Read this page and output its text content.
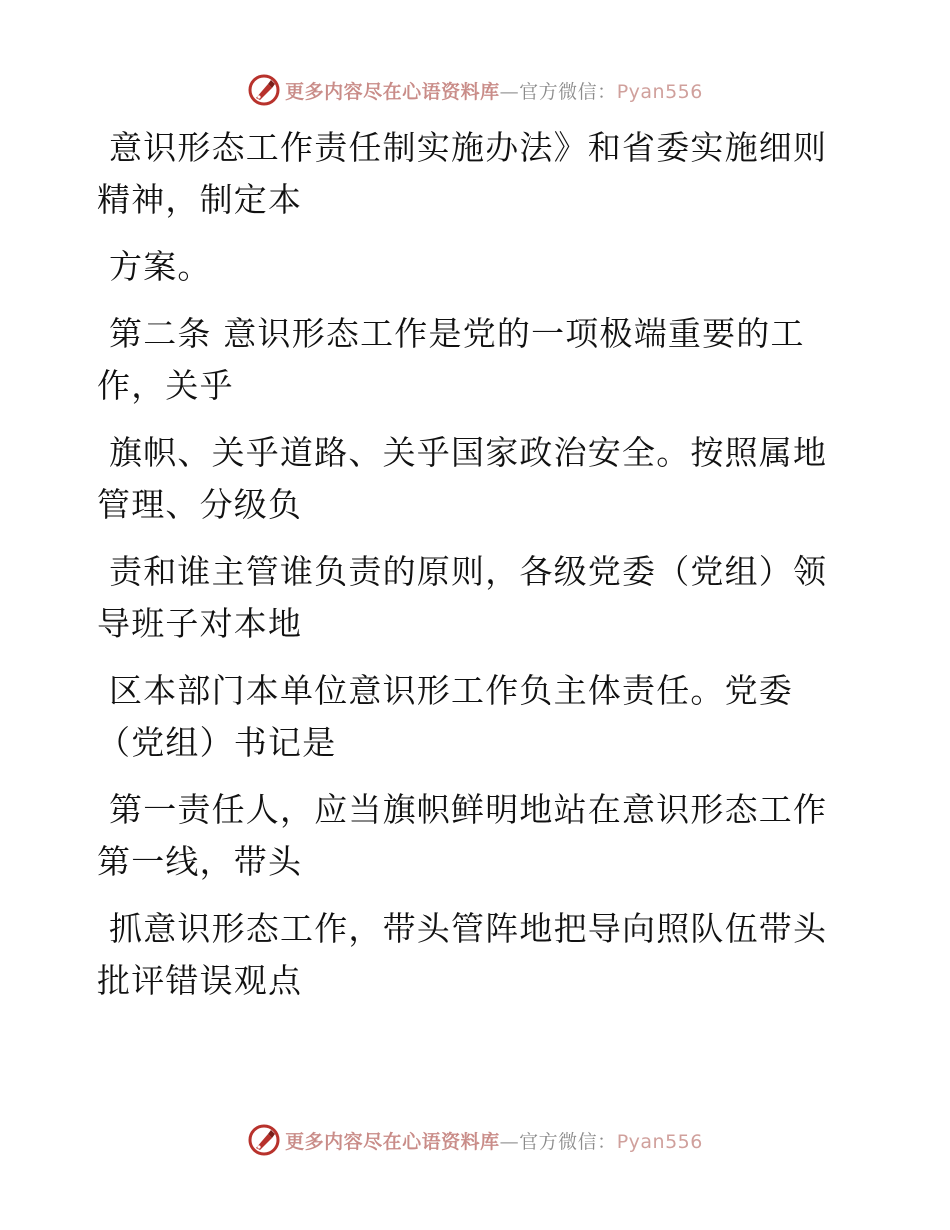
更多内容尽在心语资料库—官方微信：Pyan556

意识形态工作责任制实施办法》和省委实施细则
精神，制定本

方案。

第二条 意识形态工作是党的一项极端重要的工
作，关乎

旗帜、关乎道路、关乎国家政治安全。按照属地
管理、分级负

责和谁主管谁负责的原则，各级党委（党组）领
导班子对本地

区本部门本单位意识形工作负主体责任。党委
（党组）书记是

第一责任人，应当旗帜鲜明地站在意识形态工作
第一线，带头

抓意识形态工作，带头管阵地把导向照队伍带头
批评错误观点

更多内容尽在心语资料库—官方微信：Pyan556
